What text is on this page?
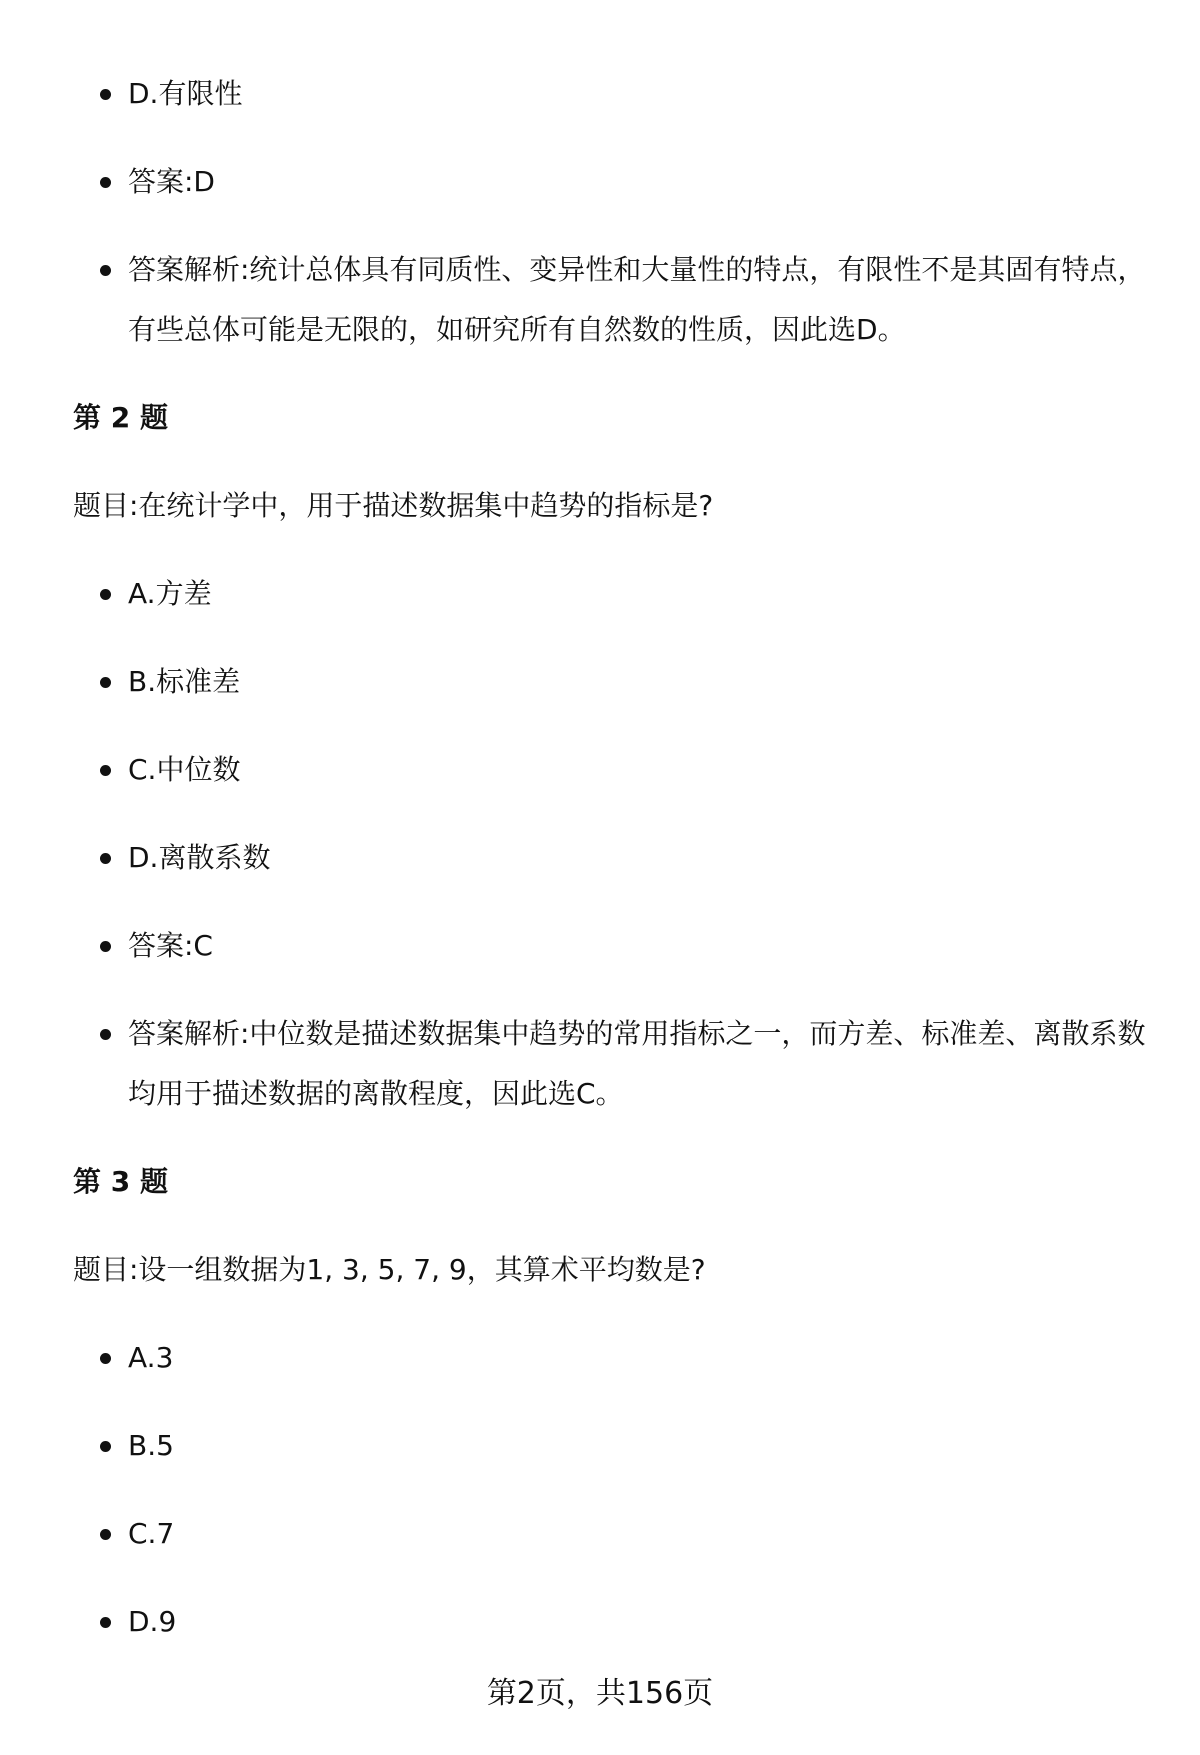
D.有限性
答案:D
答案解析:统计总体具有同质性、变异性和大量性的特点，有限性不是其固有特点，有些总体可能是无限的，如研究所有自然数的性质，因此选D。
第 2 题
题目:在统计学中，用于描述数据集中趋势的指标是?
A.方差
B.标准差
C.中位数
D.离散系数
答案:C
答案解析:中位数是描述数据集中趋势的常用指标之一，而方差、标准差、离散系数均用于描述数据的离散程度，因此选C。
第 3 题
题目:设一组数据为1, 3, 5, 7, 9，其算术平均数是?
A.3
B.5
C.7
D.9
第2页，共156页
